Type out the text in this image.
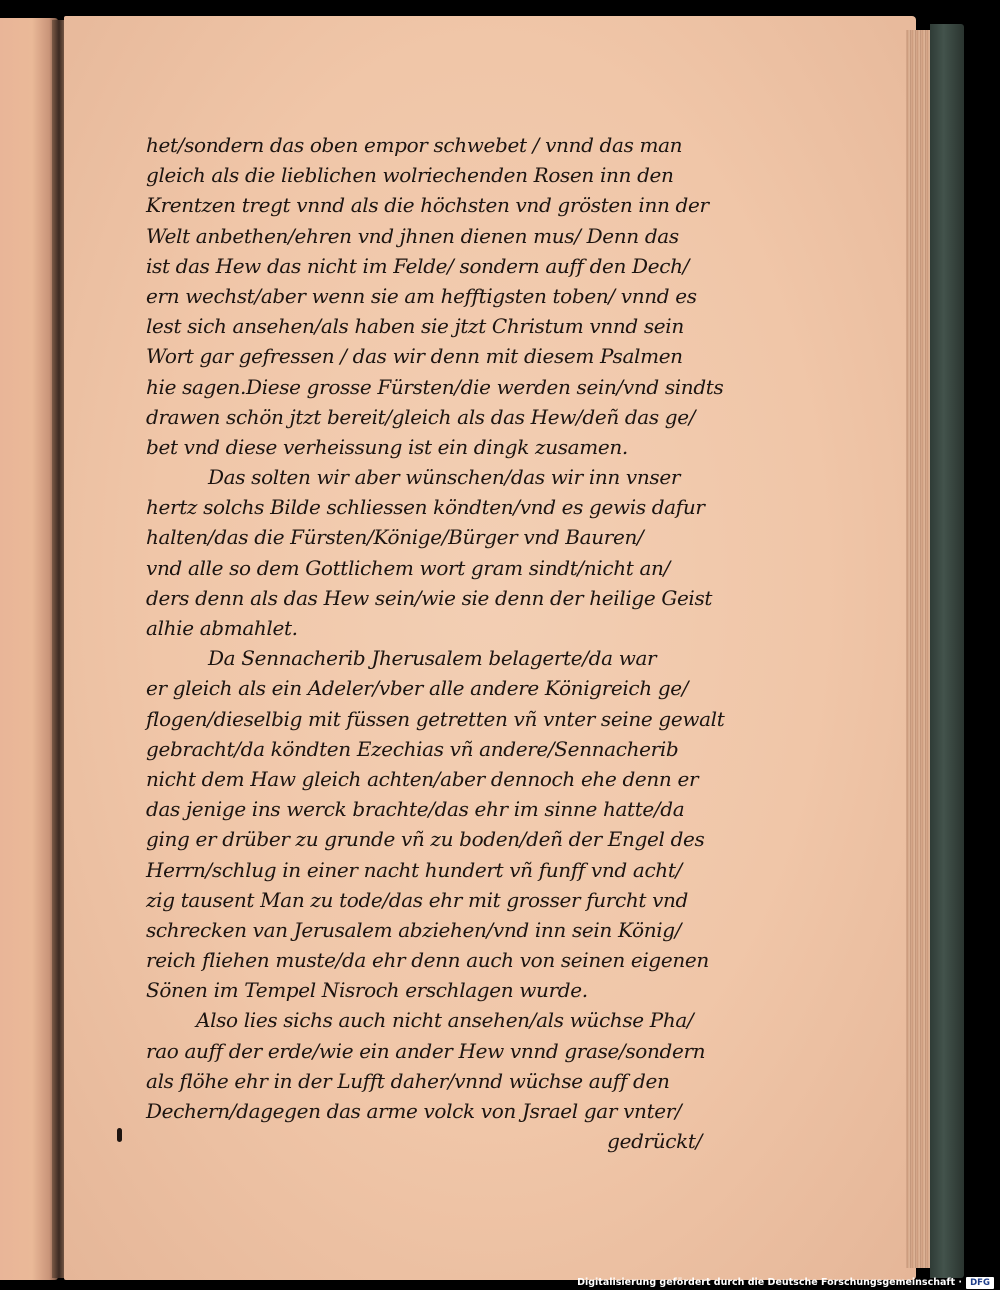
het/sondern das oben empor schwebet / vnnd das man
gleich als die lieblichen wolriechenden Rosen inn den
Krentzen tregt vnnd als die höchsten vnd grösten inn der
Welt anbethen/ehren vnd jhnen dienen mus/ Denn das
ist das Hew das nicht im Felde/ sondern auff den Dech/
ern wechst/aber wenn sie am hefftigsten toben/ vnnd es
lest sich ansehen/als haben sie jtzt Christum vnnd sein
Wort gar gefressen / das wir denn mit diesem Psalmen
hie sagen.Diese grosse Fürsten/die werden sein/vnd sindts
drawen schön jtzt bereit/gleich als das Hew/deñ das ge/
bet vnd diese verheissung ist ein dingk zusamen.
Das solten wir aber wünschen/das wir inn vnser
hertz solchs Bilde schliessen köndten/vnd es gewis dafur
halten/das die Fürsten/Könige/Bürger vnd Bauren/
vnd alle so dem Gottlichem wort gram sindt/nicht an/
ders denn als das Hew sein/wie sie denn der heilige Geist
alhie abmahlet.
Da Sennacherib Jherusalem belagerte/da war
er gleich als ein Adeler/vber alle andere Königreich ge/
flogen/dieselbig mit füssen getretten vñ vnter seine gewalt
gebracht/da köndten Ezechias vñ andere/Sennacherib
nicht dem Haw gleich achten/aber dennoch ehe denn er
das jenige ins werck brachte/das ehr im sinne hatte/da
ging er drüber zu grunde vñ zu boden/deñ der Engel des
Herrn/schlug in einer nacht hundert vñ funff vnd acht/
zig tausent Man zu tode/das ehr mit grosser furcht vnd
schrecken van Jerusalem abziehen/vnd inn sein König/
reich fliehen muste/da ehr denn auch von seinen eigenen
Sönen im Tempel Nisroch erschlagen wurde.
Also lies sichs auch nicht ansehen/als wüchse Pha/
rao auff der erde/wie ein ander Hew vnnd grase/sondern
als flöhe ehr in der Lufft daher/vnnd wüchse auff den
Dechern/dagegen das arme volck von Jsrael gar vnter/
gedrückt/
Digitalisierung gefördert durch die Deutsche Forschungsgemeinschaft · DFG
